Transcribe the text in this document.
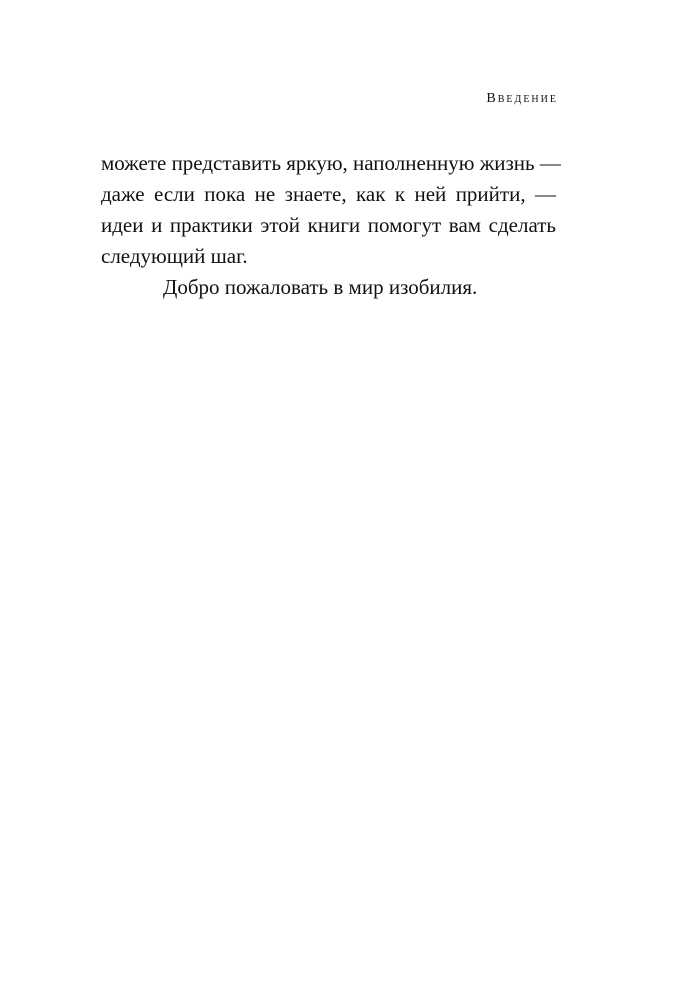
Введение

можете представить яркую, наполненную жизнь —
даже если пока не знаете, как к ней прийти, —
идеи и практики этой книги помогут вам сделать
следующий шаг.

Добро пожаловать в мир изобилия.
